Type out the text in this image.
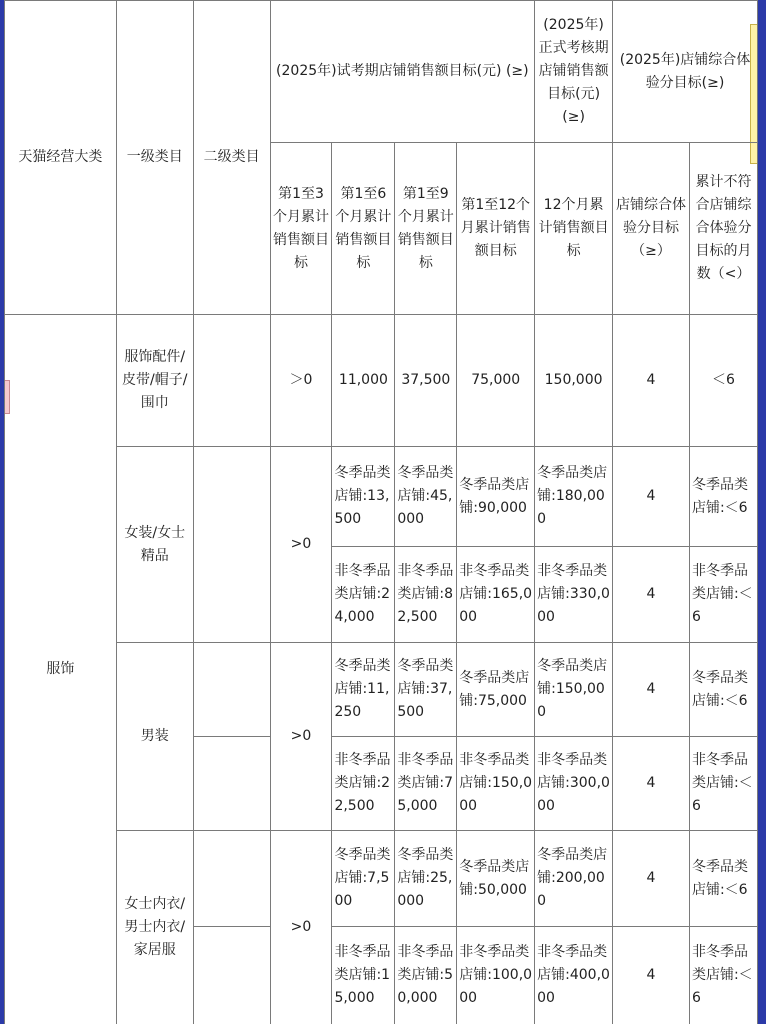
天猫经营大类	一级类目	二级类目	(2025年)试考期店铺销售额目标(元) (≥)				(2025年)正式考核期店铺销售额目标(元)(≥)	(2025年)店铺综合体验分目标(≥)	
			第1至3个月累计销售额目标	第1至6个月累计销售额目标	第1至9个月累计销售额目标	第1至12个月累计销售额目标	12个月累计销售额目标	店铺综合体验分目标（≥）	累计不符合店铺综合体验分目标的月数（<）
服饰	服饰配件/皮带/帽子/围巾		＞0	11,000	37,500	75,000	150,000	4	＜6
	女装/女士精品		>0	冬季品类店铺:13,500	冬季品类店铺:45,000	冬季品类店铺:90,000	冬季品类店铺:180,000	4	冬季品类店铺:＜6
				非冬季品类店铺:24,000	非冬季品类店铺:82,500	非冬季品类店铺:165,000	非冬季品类店铺:330,000	4	非冬季品类店铺:＜6
	男装		>0	冬季品类店铺:11,250	冬季品类店铺:37,500	冬季品类店铺:75,000	冬季品类店铺:150,000	4	冬季品类店铺:＜6
				非冬季品类店铺:22,500	非冬季品类店铺:75,000	非冬季品类店铺:150,000	非冬季品类店铺:300,000	4	非冬季品类店铺:＜6
	女士内衣/男士内衣/家居服		>0	冬季品类店铺:7,500	冬季品类店铺:25,000	冬季品类店铺:50,000	冬季品类店铺:200,000	4	冬季品类店铺:＜6
				非冬季品类店铺:15,000	非冬季品类店铺:50,000	非冬季品类店铺:100,000	非冬季品类店铺:400,000	4	非冬季品类店铺:＜6
